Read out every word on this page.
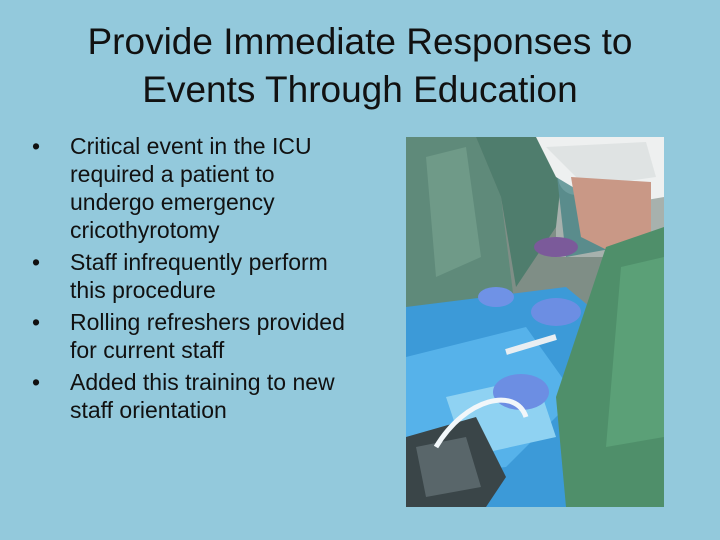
Provide Immediate Responses to
Events Through Education
•	Critical event in the ICU required a patient to undergo emergency cricothyrotomy
•	Staff infrequently perform this procedure
•	Rolling refreshers provided for current staff
•	Added this training to new staff orientation
